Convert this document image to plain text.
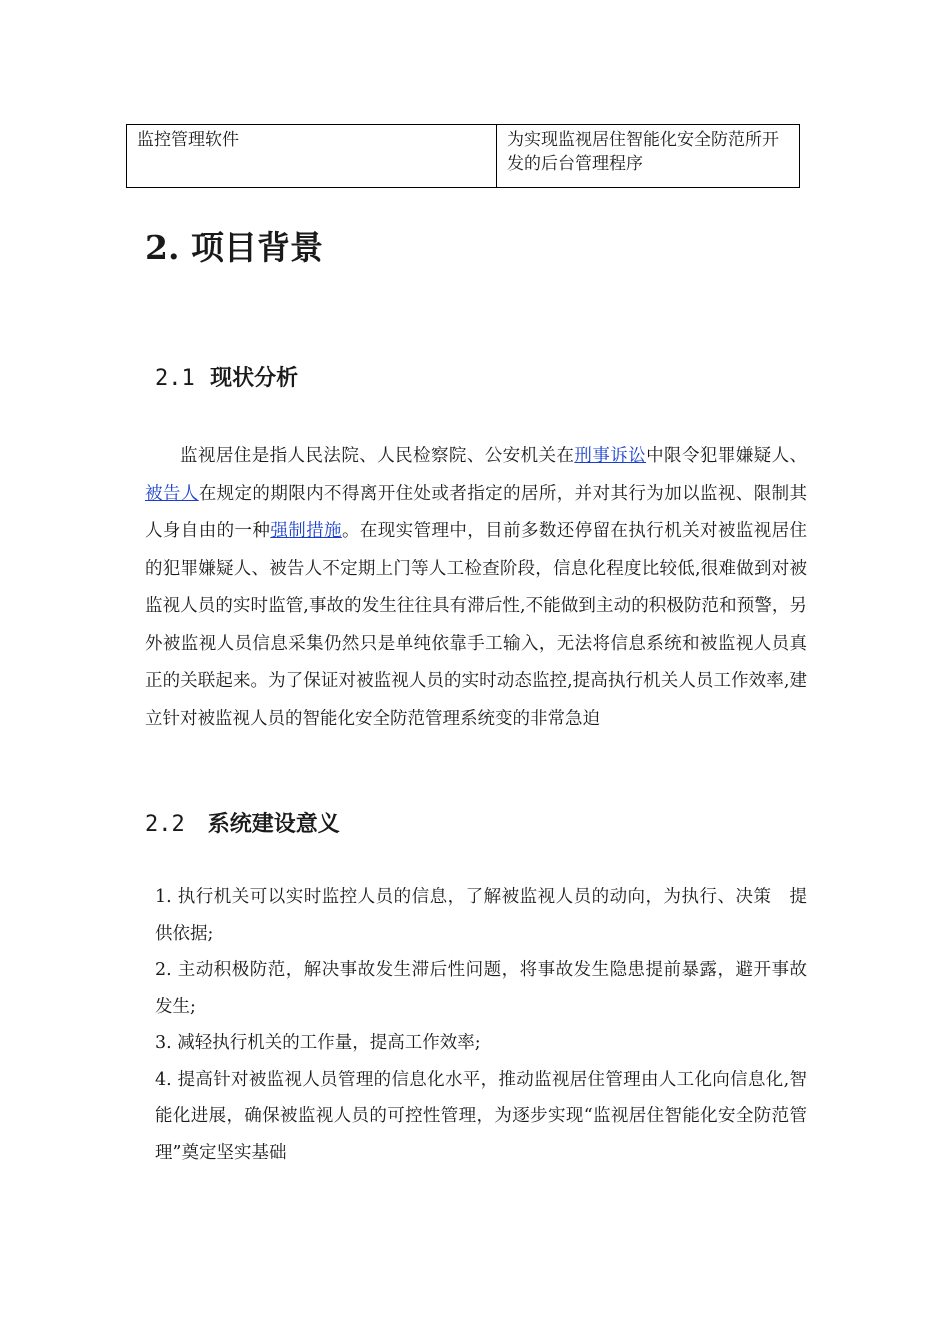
监控管理软件	为实现监视居住智能化安全防范所开发的后台管理程序
2. 项目背景
2.1 现状分析

监视居住是指人民法院、人民检察院、公安机关在刑事诉讼中限令犯罪嫌疑人、被告人在规定的期限内不得离开住处或者指定的居所，并对其行为加以监视、限制其人身自由的一种强制措施。在现实管理中，目前多数还停留在执行机关对被监视居住的犯罪嫌疑人、被告人不定期上门等人工检查阶段，信息化程度比较低,很难做到对被监视人员的实时监管,事故的发生往往具有滞后性,不能做到主动的积极防范和预警，另外被监视人员信息采集仍然只是单纯依靠手工输入，无法将信息系统和被监视人员真正的关联起来。为了保证对被监视人员的实时动态监控,提高执行机关人员工作效率,建立针对被监视人员的智能化安全防范管理系统变的非常急迫

2.2 系统建设意义
1. 执行机关可以实时监控人员的信息，了解被监视人员的动向，为执行、决策　提供依据;
2. 主动积极防范，解决事故发生滞后性问题，将事故发生隐患提前暴露，避开事故发生;
3. 减轻执行机关的工作量，提高工作效率;
4. 提高针对被监视人员管理的信息化水平，推动监视居住管理由人工化向信息化,智能化进展，确保被监视人员的可控性管理，为逐步实现“监视居住智能化安全防范管理”奠定坚实基础
